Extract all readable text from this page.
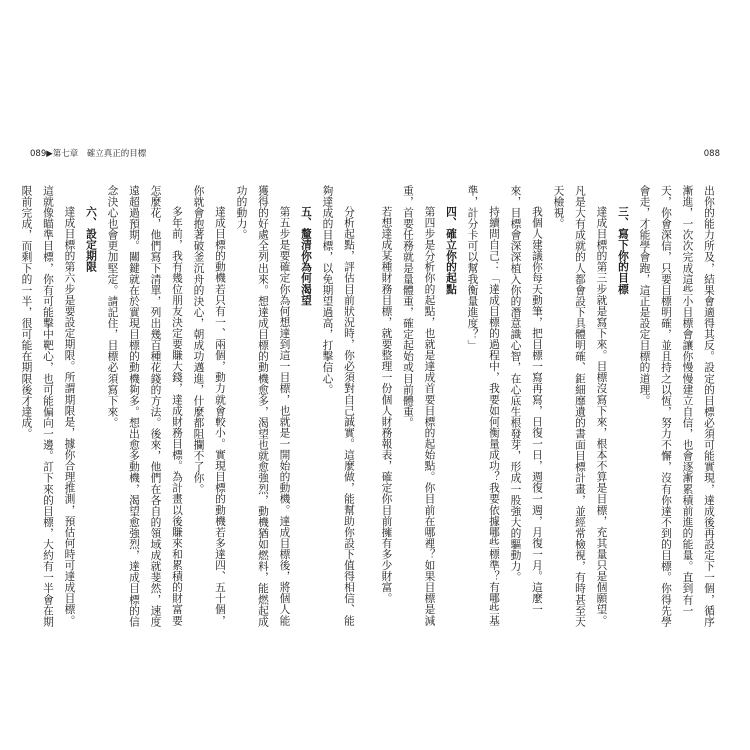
089▶第七章　確立真正的目標	088

出你的能力所及，結果會適得其反。設定的目標必須可能實現，達成後再設定下一個，循序

漸進，一次次完成這些小目標會讓你慢慢建立自信，也會逐漸累積前進的能量。直到有一

天，你會深信，只要目標明確，並且持之以恆，努力不懈，沒有你達不到的目標。你得先學

會走，才能學會跑，這正是設定目標的道理。

三、寫下你的目標

達成目標的第三步就是寫下來。目標沒寫下來，根本不算是目標，充其量只是個願望。

凡是大有成就的人都會設下具體明確、鉅細靡遺的書面目標計畫，並經常檢視，有時甚至天

天檢視。

我個人建議你每天動筆，把目標一寫再寫，日復一日，週復一週，月復一月。這麼一

來，目標會深深植入你的潛意識心智，在心底生根發芽，形成一股強大的驅動力。

持續問自己：「達成目標的過程中，我要如何衡量成功？我要依據哪些標準？有哪些基

準，計分卡可以幫我衡量進度？」

四、確立你的起點

第四步是分析你的起點，也就是達成首要目標的起始點。你目前在哪裡？如果目標是減

重，首要任務就是量體重，確定起始或目前體重。

若想達成某種財務目標，就要整理一份個人財務報表，確定你目前擁有多少財富。

分析起點，評估目前狀況時，你必須對自己誠實。這麼做，能幫助你設下值得相信、能

夠達成的目標，以免期望過高，打擊信心。

五、釐清你為何渴望

第五步是要確定你為何想達到這一目標，也就是一開始的動機。達成目標後，將個人能

獲得的好處全列出來。想達成目標的動機愈多，渴望也就愈強烈，動機猶如燃料，能燃起成

功的動力。

達成目標的動機若只有一、兩個，動力就會較小。實現目標的動機若多達四、五十個，

你就會抱著破釜沉舟的決心，朝成功邁進，什麼都阻攔不了你。

多年前，我有幾位朋友決定要賺大錢，達成財務目標。為計畫以後賺來和累積的財富要

怎麼花，他們寫下清單，列出幾百種花錢的方法。後來，他們在各自的領域成就斐然，速度

遠超過預期。關鍵就在於實現目標的動機夠多。想出愈多動機，渴望愈強烈，達成目標的信

念決心也會更加堅定。請記住，目標必須寫下來。

六、設定期限

達成目標的第六步是要設定期限。所謂期限是，據你合理推測，預估何時可達成目標。

這就像瞄準目標，你有可能擊中靶心，也可能偏向一邊。訂下來的目標，大約有一半會在期

限前完成，而剩下的一半，很可能在期限後才達成。
